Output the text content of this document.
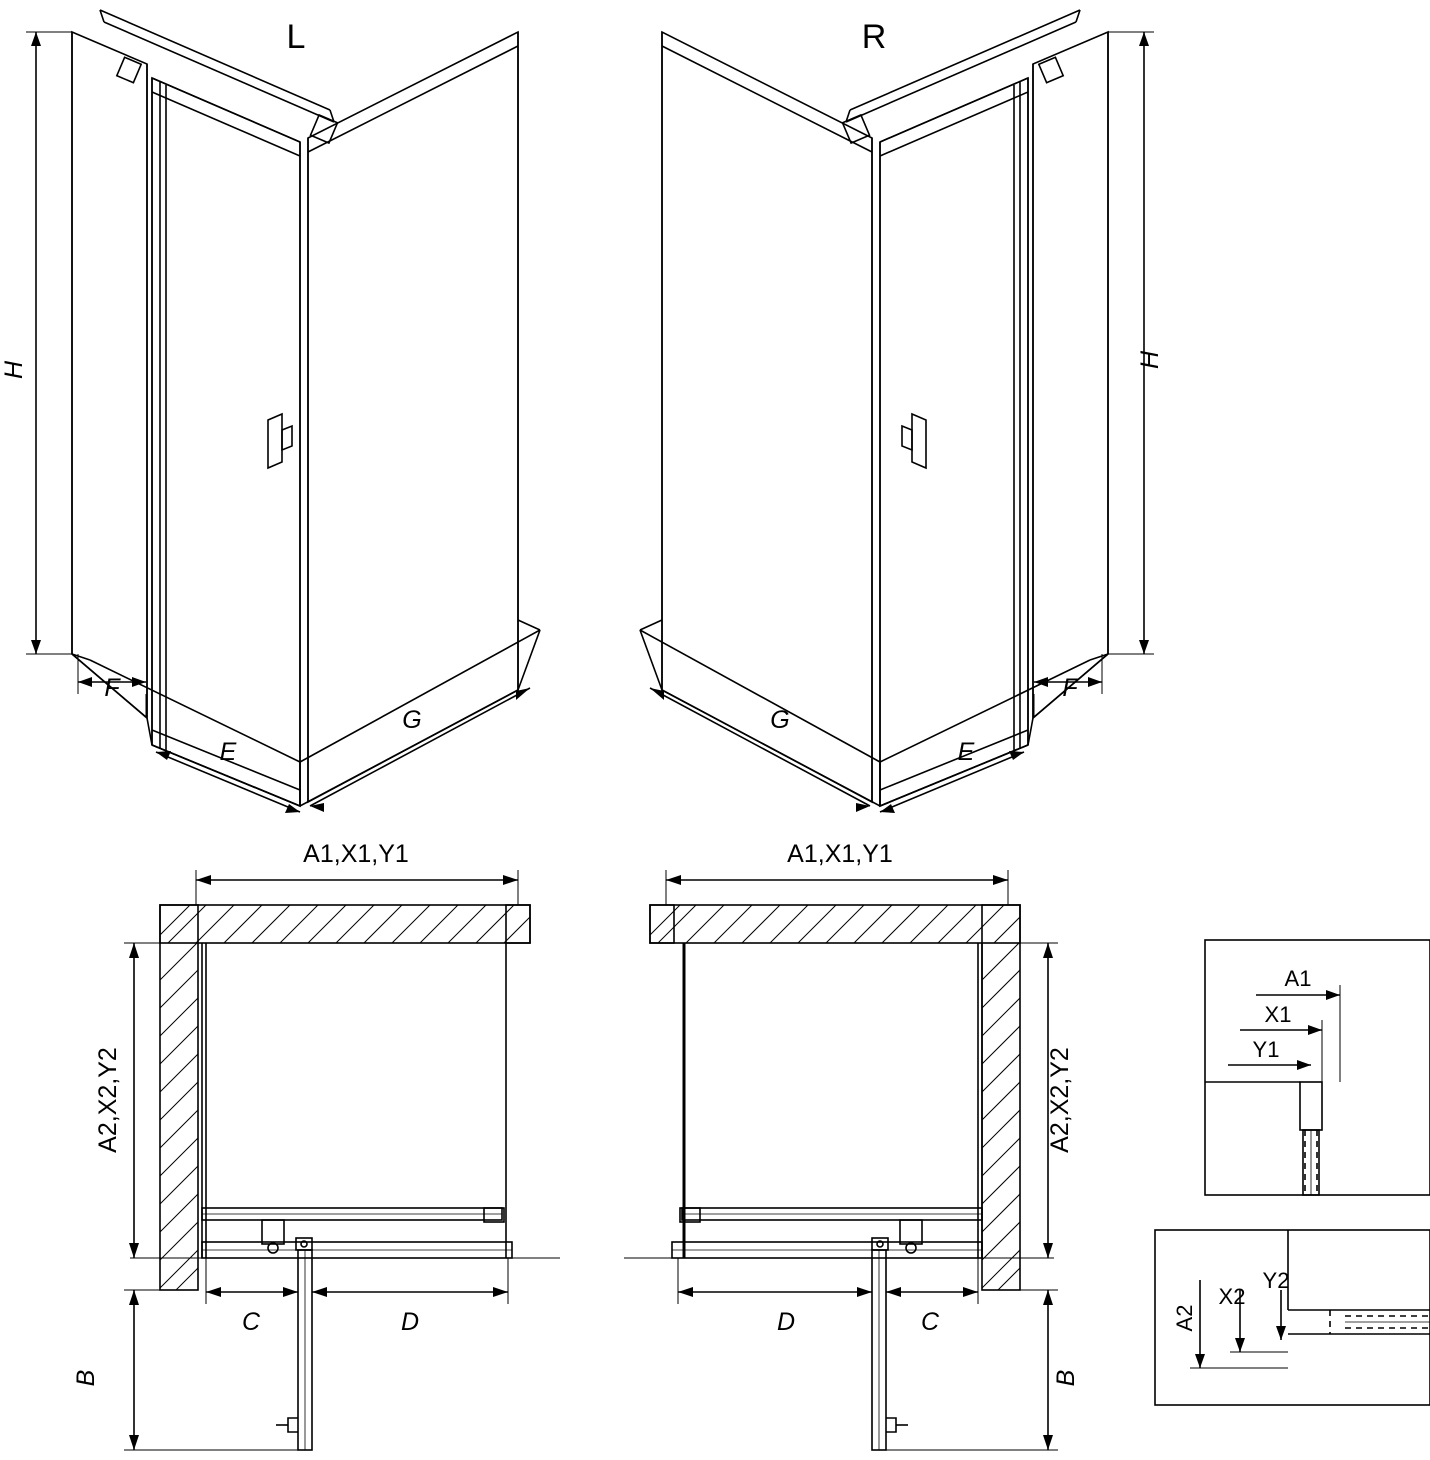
L	R
H
H
F
E
G	G
E
F
A1,X1,Y1	A1,X1,Y1
A2,X2,Y2	A2,X2,Y2
C	D	D	C
B	B
A1
X1
Y1
A2
X2
Y2
